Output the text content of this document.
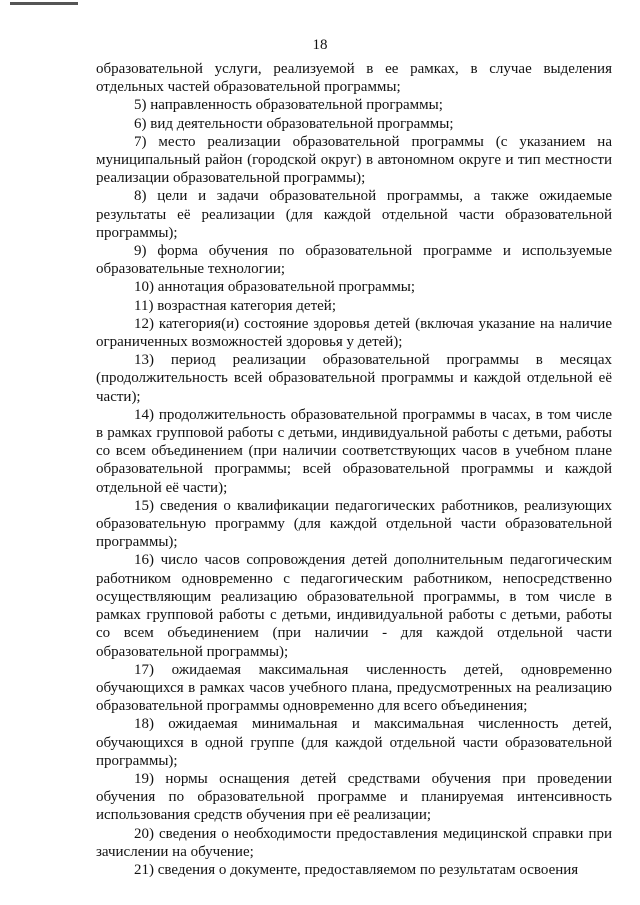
18

образовательной услуги, реализуемой в ее рамках, в случае выделения отдельных частей образовательной программы;

5) направленность образовательной программы;

6) вид деятельности образовательной программы;

7) место реализации образовательной программы (с указанием на муниципальный район (городской округ) в автономном округе и тип местности реализации образовательной программы);

8) цели и задачи образовательной программы, а также ожидаемые результаты её реализации (для каждой отдельной части образовательной программы);

9) форма обучения по образовательной программе и используемые образовательные технологии;

10) аннотация образовательной программы;

11) возрастная категория детей;

12) категория(и) состояние здоровья детей (включая указание на наличие ограниченных возможностей здоровья у детей);

13) период реализации образовательной программы в месяцах (продолжительность всей образовательной программы и каждой отдельной её части);

14) продолжительность образовательной программы в часах, в том числе в рамках групповой работы с детьми, индивидуальной работы с детьми, работы со всем объединением (при наличии соответствующих часов в учебном плане образовательной программы; всей образовательной программы и каждой отдельной её части);

15) сведения о квалификации педагогических работников, реализующих образовательную программу (для каждой отдельной части образовательной программы);

16) число часов сопровождения детей дополнительным педагогическим работником одновременно с педагогическим работником, непосредственно осуществляющим реализацию образовательной программы, в том числе в рамках групповой работы с детьми, индивидуальной работы с детьми, работы со всем объединением (при наличии - для каждой отдельной части образовательной программы);

17) ожидаемая максимальная численность детей, одновременно обучающихся в рамках часов учебного плана, предусмотренных на реализацию образовательной программы одновременно для всего объединения;

18) ожидаемая минимальная и максимальная численность детей, обучающихся в одной группе (для каждой отдельной части образовательной программы);

19) нормы оснащения детей средствами обучения при проведении обучения по образовательной программе и планируемая интенсивность использования средств обучения при её реализации;

20) сведения о необходимости предоставления медицинской справки при зачислении на обучение;

21) сведения о документе, предоставляемом по результатам освоения
